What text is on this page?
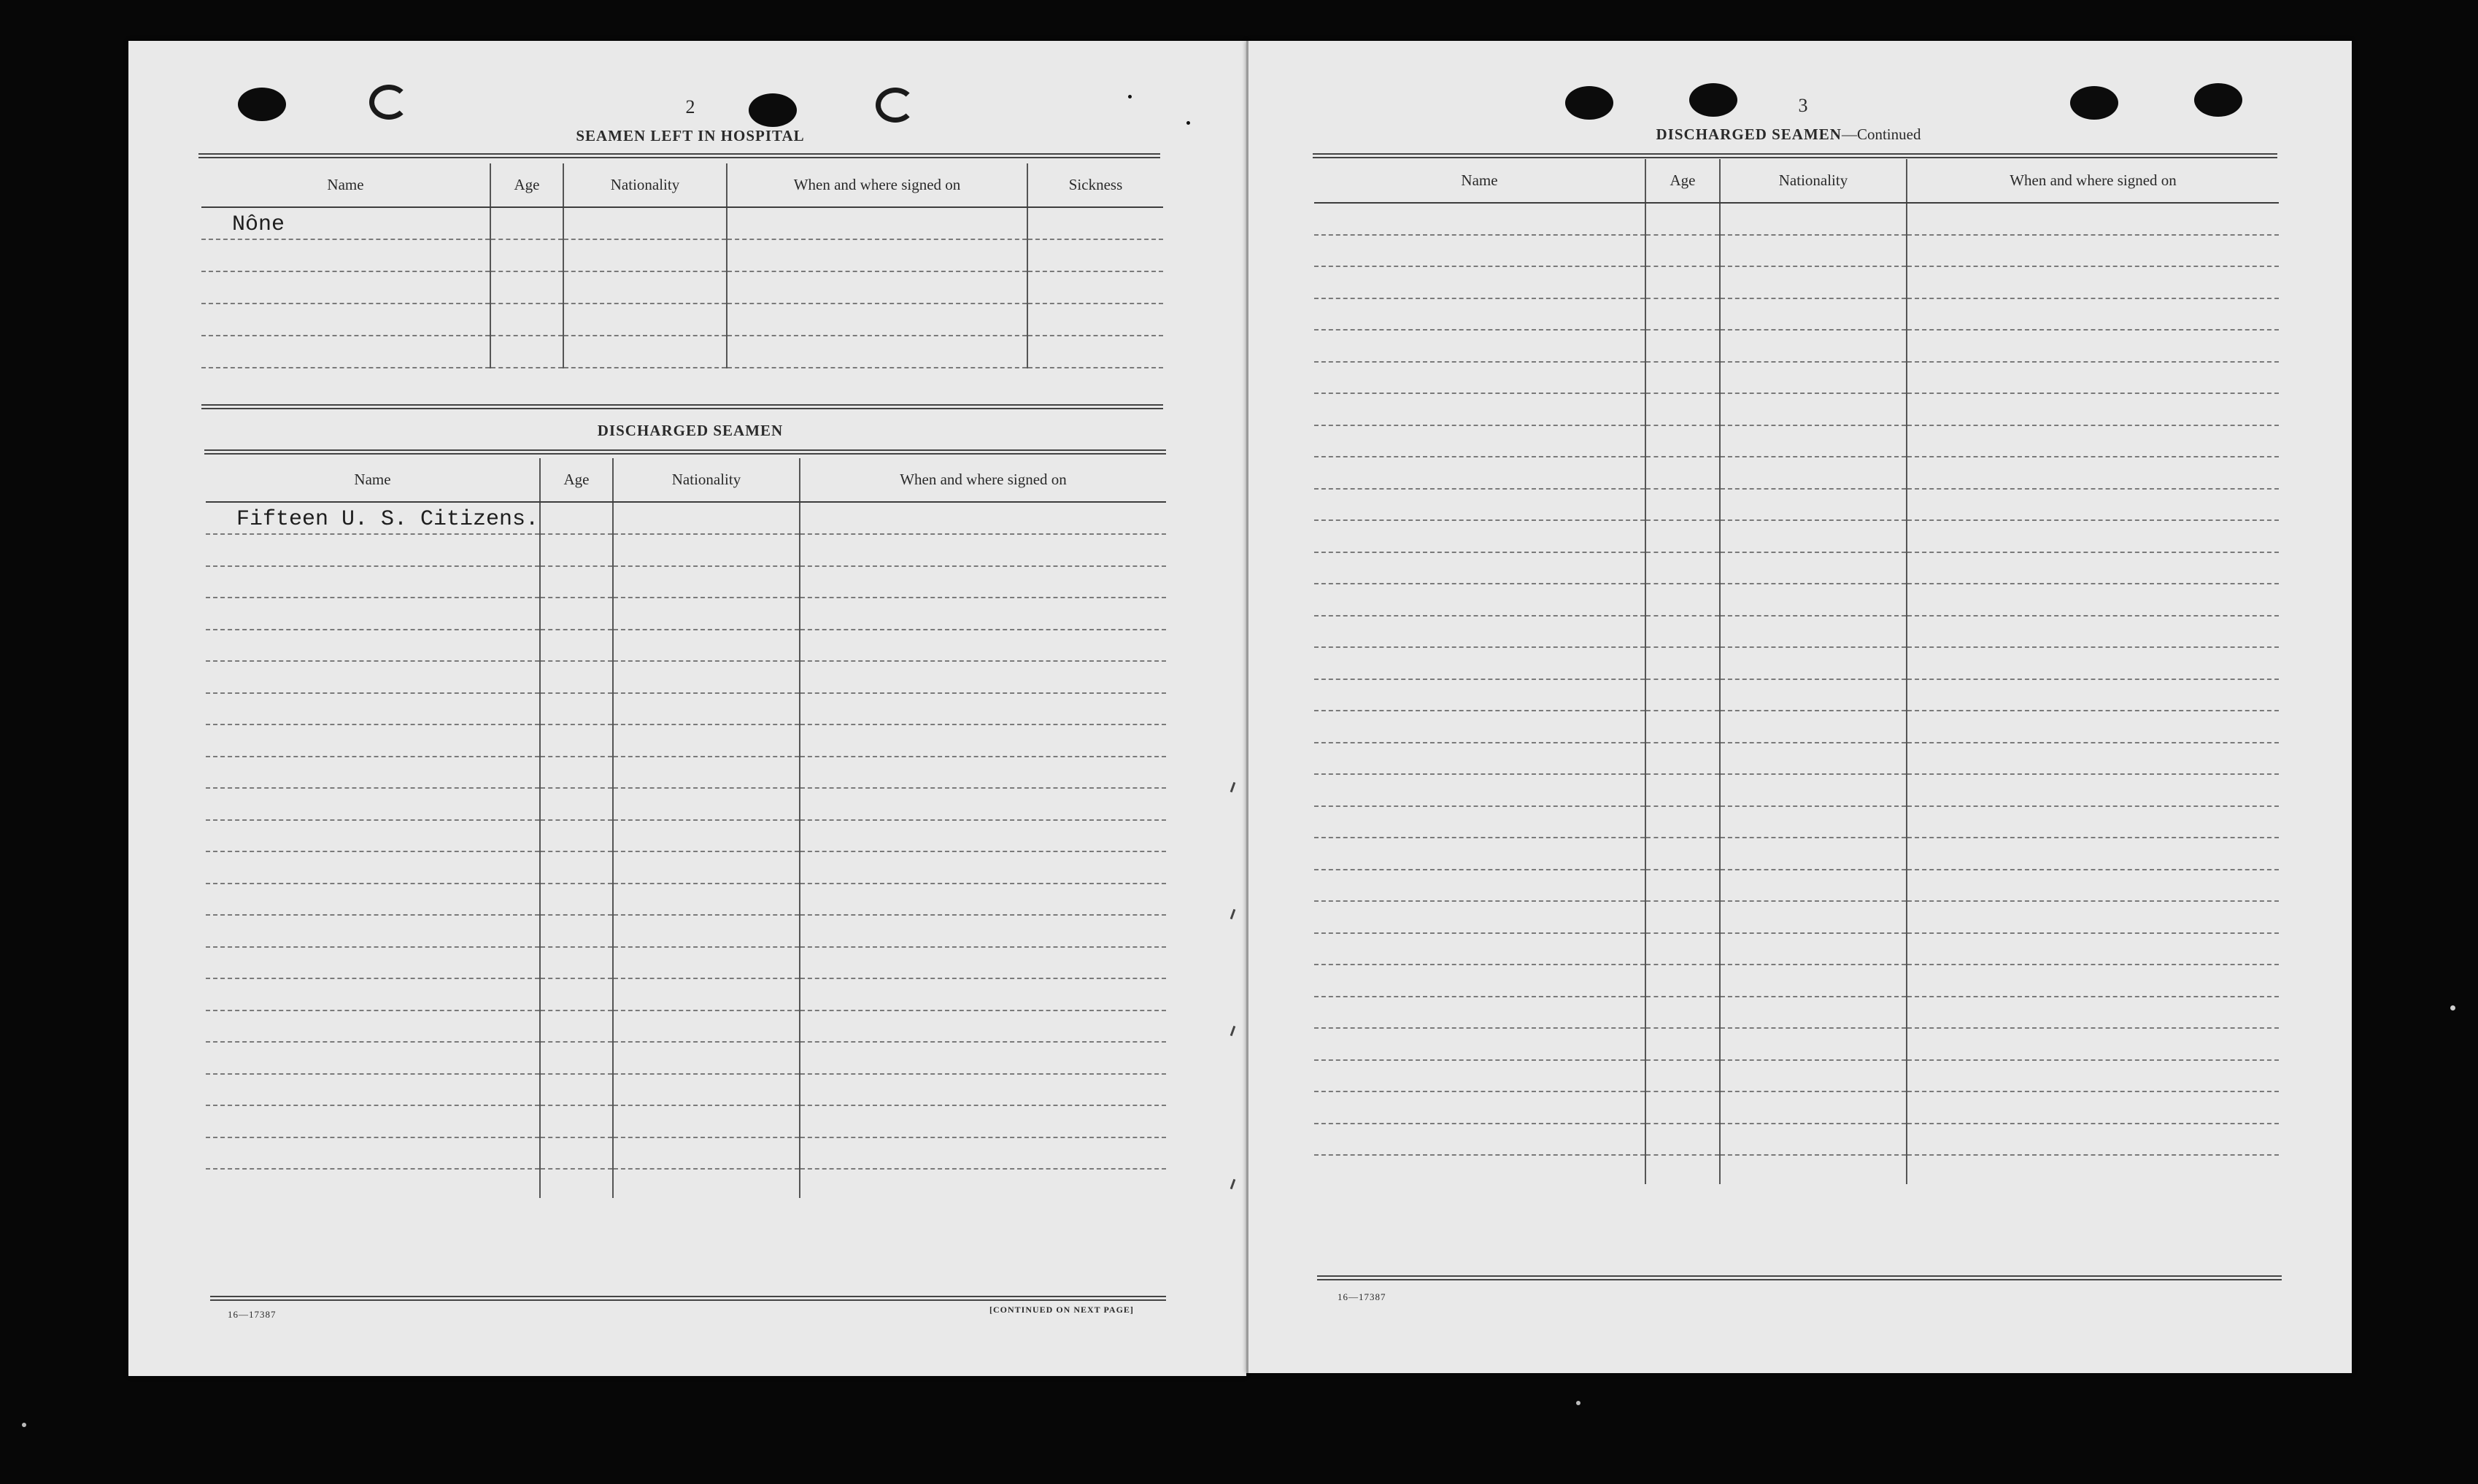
2
SEAMEN LEFT IN HOSPITAL
Name	Age	Nationality	When and where signed on	Sickness
Nône				

DISCHARGED SEAMEN
Name	Age	Nationality	When and where signed on
Fifteen U. S. Citizens.			

16—17387	[CONTINUED ON NEXT PAGE]
3
DISCHARGED SEAMEN—Continued
Name	Age	Nationality	When and where signed on

16—17387
